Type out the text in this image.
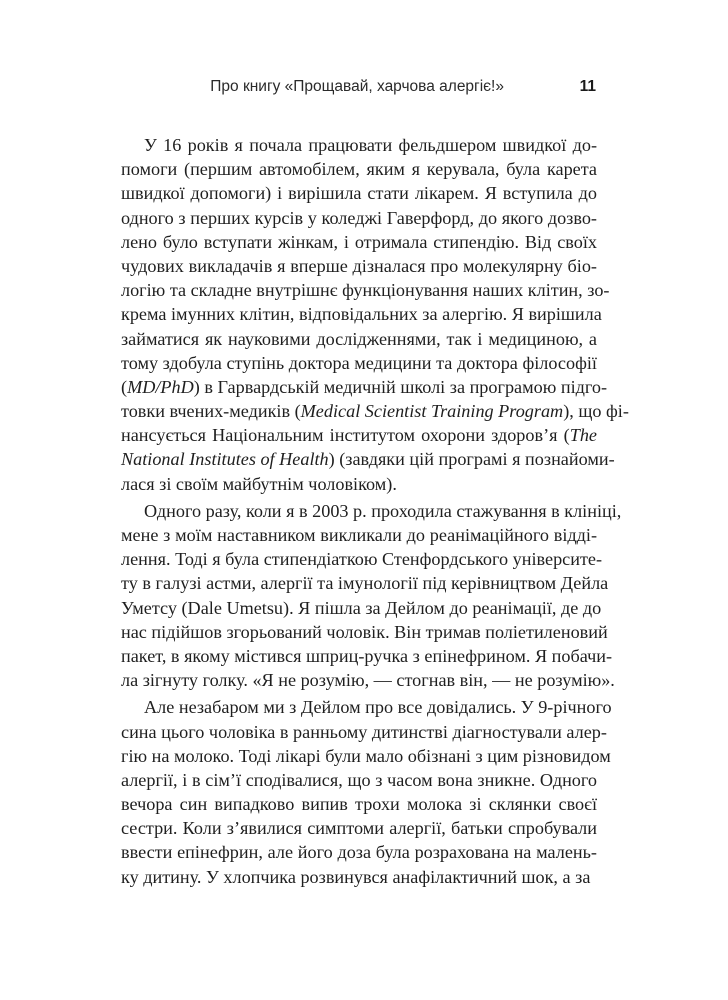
Про книгу «Прощавай, харчова алергіє!»	11
У 16 років я почала працювати фельдшером швидкої до-
помоги (першим автомобілем, яким я керувала, була карета
швидкої допомоги) і вирішила стати лікарем. Я вступила до
одного з перших курсів у коледжі Гаверфорд, до якого дозво-
лено було вступати жінкам, і отримала стипендію. Від своїх
чудових викладачів я вперше дізналася про молекулярну біо-
логію та складне внутрішнє функціонування наших клітин, зо-
крема імунних клітин, відповідальних за алергію. Я вирішила
займатися як науковими дослідженнями, так і медициною, а
тому здобула ступінь доктора медицини та доктора філософії
(MD/PhD) в Гарвардській медичній школі за програмою підго-
товки вчених-медиків (Medical Scientist Training Program), що фі-
нансується Національним інститутом охорони здоров’я (The
National Institutes of Health) (завдяки цій програмі я познайоми-
лася зі своїм майбутнім чоловіком).
Одного разу, коли я в 2003 р. проходила стажування в клініці,
мене з моїм наставником викликали до реанімаційного відді-
лення. Тоді я була стипендіаткою Стенфордського університе-
ту в галузі астми, алергії та імунології під керівництвом Дейла
Уметсу (Dale Umetsu). Я пішла за Дейлом до реанімації, де до
нас підійшов згорьований чоловік. Він тримав поліетиленовий
пакет, в якому містився шприц-ручка з епінефрином. Я побачи-
ла зігнуту голку. «Я не розумію, — стогнав він, — не розумію».
Але незабаром ми з Дейлом про все довідались. У 9-річного
сина цього чоловіка в ранньому дитинстві діагностували алер-
гію на молоко. Тоді лікарі були мало обізнані з цим різновидом
алергії, і в сім’ї сподівалися, що з часом вона зникне. Одного
вечора син випадково випив трохи молока зі склянки своєї
сестри. Коли з’явилися симптоми алергії, батьки спробували
ввести епінефрин, але його доза була розрахована на малень-
ку дитину. У хлопчика розвинувся анафілактичний шок, а за
